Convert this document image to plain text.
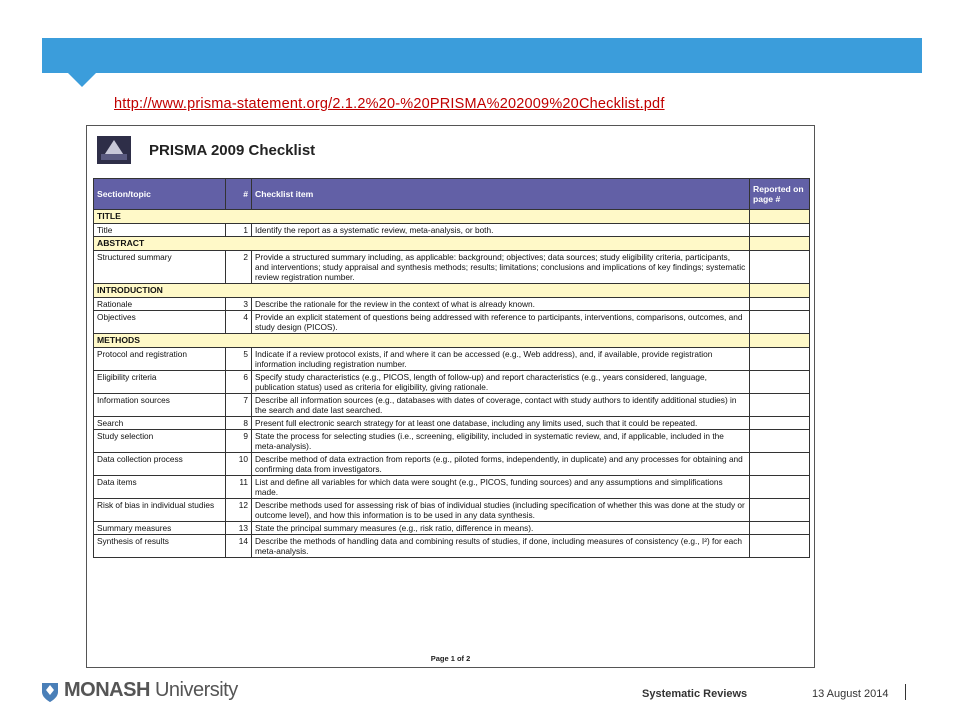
http://www.prisma-statement.org/2.1.2%20-%20PRISMA%202009%20Checklist.pdf
PRISMA 2009 Checklist
Section/topic	#	Checklist item	Reported on page #
TITLE			
Title	1	Identify the report as a systematic review, meta-analysis, or both.	
ABSTRACT			
Structured summary	2	Provide a structured summary including, as applicable: background; objectives; data sources; study eligibility criteria, participants, and interventions; study appraisal and synthesis methods; results; limitations; conclusions and implications of key findings; systematic review registration number.	
INTRODUCTION			
Rationale	3	Describe the rationale for the review in the context of what is already known.	
Objectives	4	Provide an explicit statement of questions being addressed with reference to participants, interventions, comparisons, outcomes, and study design (PICOS).	
METHODS			
Protocol and registration	5	Indicate if a review protocol exists, if and where it can be accessed (e.g., Web address), and, if available, provide registration information including registration number.	
Eligibility criteria	6	Specify study characteristics (e.g., PICOS, length of follow-up) and report characteristics (e.g., years considered, language, publication status) used as criteria for eligibility, giving rationale.	
Information sources	7	Describe all information sources (e.g., databases with dates of coverage, contact with study authors to identify additional studies) in the search and date last searched.	
Search	8	Present full electronic search strategy for at least one database, including any limits used, such that it could be repeated.	
Study selection	9	State the process for selecting studies (i.e., screening, eligibility, included in systematic review, and, if applicable, included in the meta-analysis).	
Data collection process	10	Describe method of data extraction from reports (e.g., piloted forms, independently, in duplicate) and any processes for obtaining and confirming data from investigators.	
Data items	11	List and define all variables for which data were sought (e.g., PICOS, funding sources) and any assumptions and simplifications made.	
Risk of bias in individual studies	12	Describe methods used for assessing risk of bias of individual studies (including specification of whether this was done at the study or outcome level), and how this information is to be used in any data synthesis.	
Summary measures	13	State the principal summary measures (e.g., risk ratio, difference in means).	
Synthesis of results	14	Describe the methods of handling data and combining results of studies, if done, including measures of consistency (e.g., I²) for each meta-analysis.	
Page 1 of 2
MONASH University	Systematic Reviews	13 August 2014
